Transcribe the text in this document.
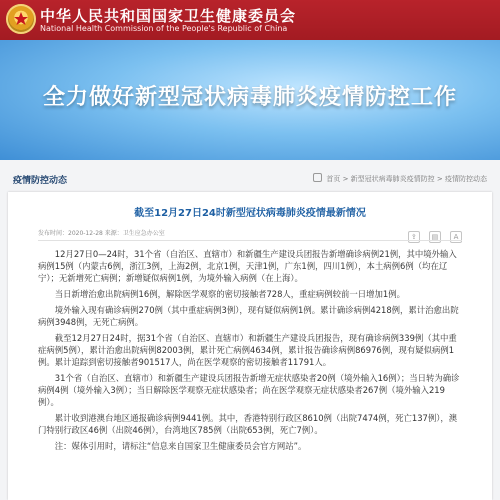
中华人民共和国国家卫生健康委员会
National Health Commission of the People's Republic of China
全力做好新型冠状病毒肺炎疫情防控工作
疫情防控动态	首页 > 新型冠状病毒肺炎疫情防控 > 疫情防控动态
截至12月27日24时新型冠状病毒肺炎疫情最新情况
发布时间：2020-12-28 来源：卫生应急办公室	⇪ ▤ A

12月27日0—24时，31个省（自治区、直辖市）和新疆生产建设兵团报告新增确诊病例21例，其中境外输入病例15例（内蒙古6例，浙江3例，上海2例，北京1例，天津1例，广东1例，四川1例），本土病例6例（均在辽宁）；无新增死亡病例；新增疑似病例1例，为境外输入病例（在上海）。

当日新增治愈出院病例16例，解除医学观察的密切接触者728人，重症病例较前一日增加1例。

境外输入现有确诊病例270例（其中重症病例3例），现有疑似病例1例。累计确诊病例4218例，累计治愈出院病例3948例，无死亡病例。

截至12月27日24时，据31个省（自治区、直辖市）和新疆生产建设兵团报告，现有确诊病例339例（其中重症病例5例），累计治愈出院病例82003例，累计死亡病例4634例，累计报告确诊病例86976例，现有疑似病例1例。累计追踪到密切接触者901517人，尚在医学观察的密切接触者11791人。

31个省（自治区、直辖市）和新疆生产建设兵团报告新增无症状感染者20例（境外输入16例）；当日转为确诊病例4例（境外输入3例）；当日解除医学观察无症状感染者；尚在医学观察无症状感染者267例（境外输入219例）。

累计收到港澳台地区通报确诊病例9441例。其中，香港特别行政区8610例（出院7474例，死亡137例），澳门特别行政区46例（出院46例），台湾地区785例（出院653例，死亡7例）。

注：媒体引用时，请标注“信息来自国家卫生健康委员会官方网站”。
